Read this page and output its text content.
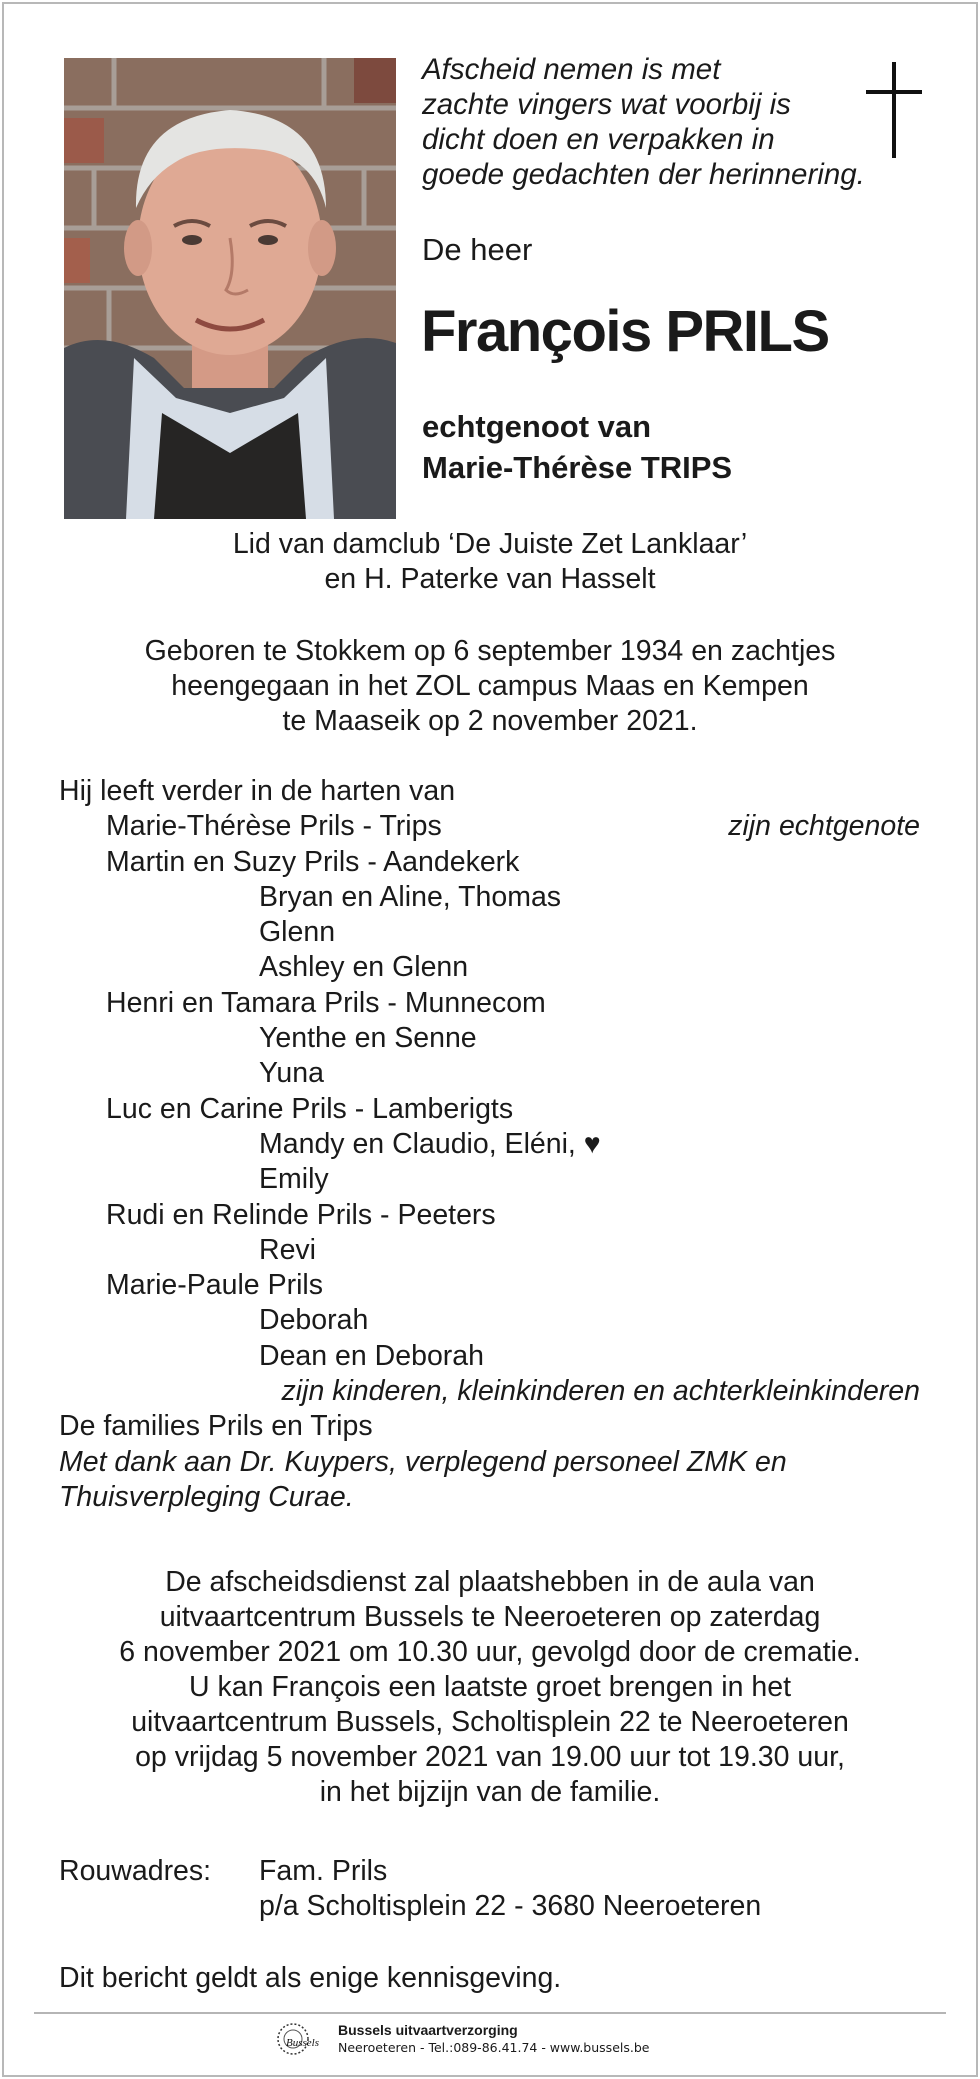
Afscheid nemen is met
zachte vingers wat voorbij is
dicht doen en verpakken in
goede gedachten der herinnering.
De heer
François PRILS
echtgenoot van
Marie-Thérèse TRIPS
Lid van damclub ‘De Juiste Zet Lanklaar’
en H. Paterke van Hasselt
Geboren te Stokkem op 6 september 1934 en zachtjes
heengegaan in het ZOL campus Maas en Kempen
te Maaseik op 2 november 2021.
Hij leeft verder in de harten van
Marie-Thérèse Prils - Trips	zijn echtgenote
Martin en Suzy Prils - Aandekerk
Bryan en Aline, Thomas
Glenn
Ashley en Glenn
Henri en Tamara Prils - Munnecom
Yenthe en Senne
Yuna
Luc en Carine Prils - Lamberigts
Mandy en Claudio, Eléni, ♥
Emily
Rudi en Relinde Prils - Peeters
Revi
Marie-Paule Prils
Deborah
Dean en Deborah
zijn kinderen, kleinkinderen en achterkleinkinderen
De families Prils en Trips
Met dank aan Dr. Kuypers, verplegend personeel ZMK en
Thuisverpleging Curae.
De afscheidsdienst zal plaatshebben in de aula van
uitvaartcentrum Bussels te Neeroeteren op zaterdag
6 november 2021 om 10.30 uur, gevolgd door de crematie.
U kan François een laatste groet brengen in het
uitvaartcentrum Bussels, Scholtisplein 22 te Neeroeteren
op vrijdag 5 november 2021 van 19.00 uur tot 19.30 uur,
in het bijzijn van de familie.
Rouwadres: Fam. Prils
p/a Scholtisplein 22 - 3680 Neeroeteren
Dit bericht geldt als enige kennisgeving.
Bussels
Bussels uitvaartverzorging
Neeroeteren - Tel.:089-86.41.74 - www.bussels.be
